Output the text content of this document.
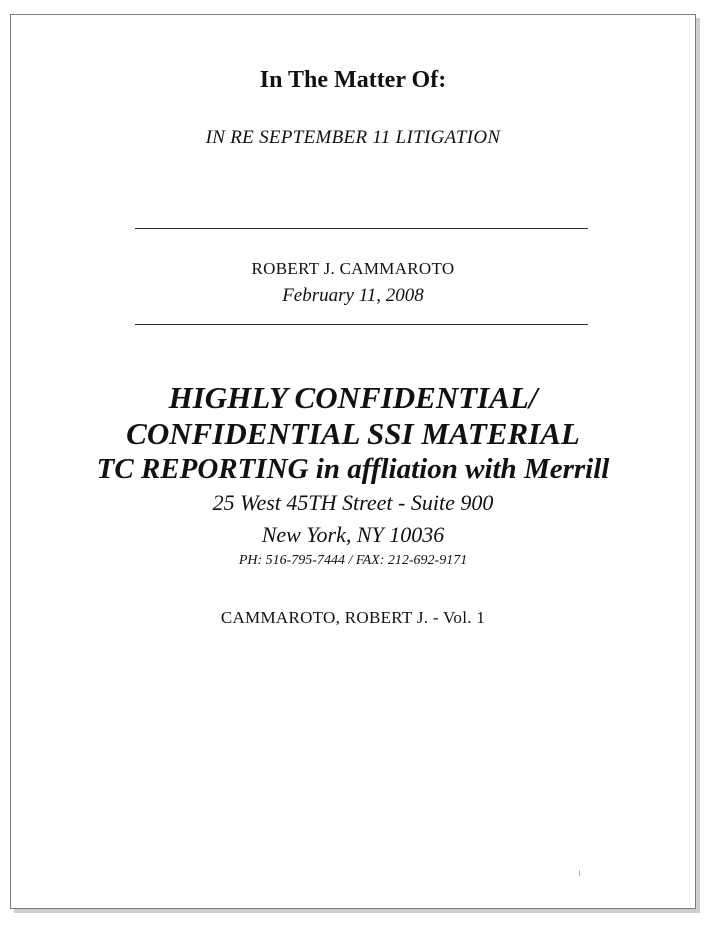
In The Matter Of:
IN RE SEPTEMBER 11 LITIGATION
ROBERT J. CAMMAROTO
February 11, 2008
HIGHLY CONFIDENTIAL/
CONFIDENTIAL SSI MATERIAL
TC REPORTING in affliation with Merrill
25 West 45TH Street - Suite 900
New York, NY 10036
PH: 516-795-7444 / FAX: 212-692-9171
CAMMAROTO, ROBERT J. - Vol. 1
